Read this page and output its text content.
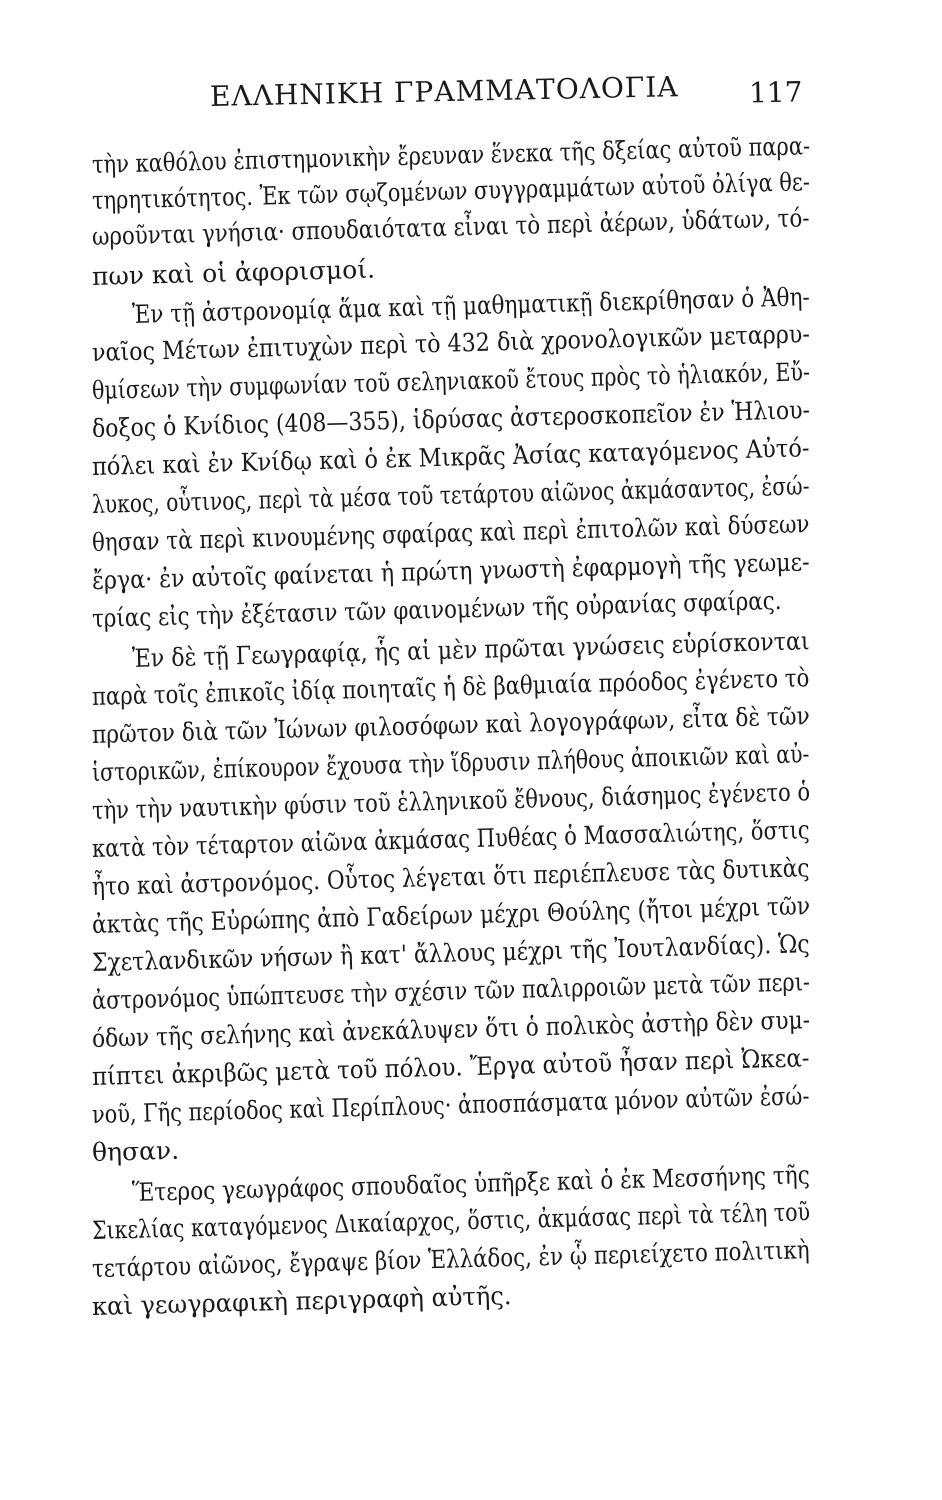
ΕΛΛΗΝΙΚΗ ΓΡΑΜΜΑΤΟΛΟΓΙΑ 117
τὴν καθόλου ἐπιστημονικὴν ἔρευναν ἕνεκα τῆς δξείας αὐτοῦ παρα-
τηρητικότητος. Ἐκ τῶν σῳζομένων συγγραμμάτων αὐτοῦ ὀλίγα θε-
ωροῦνται γνήσια· σπουδαιότατα εἶναι τὸ περὶ ἀέρων, ὑδάτων, τό-
πων καὶ οἱ ἀφορισμοί.
Ἐν τῇ ἀστρονομίᾳ ἅμα καὶ τῇ μαθηματικῇ διεκρίθησαν ὁ Ἀθη-
ναῖος Μέτων ἐπιτυχὼν περὶ τὸ 432 διὰ χρονολογικῶν μεταρρυ-
θμίσεων τὴν συμφωνίαν τοῦ σεληνιακοῦ ἔτους πρὸς τὸ ἡλιακόν, Εὔ-
δοξος ὁ Κνίδιος (408—355), ἱδρύσας ἀστεροσκοπεῖον ἐν Ἡλιου-
πόλει καὶ ἐν Κνίδῳ καὶ ὁ ἐκ Μικρᾶς Ἀσίας καταγόμενος Αὐτό-
λυκος, οὗτινος, περὶ τὰ μέσα τοῦ τετάρτου αἰῶνος ἀκμάσαντος, ἐσώ-
θησαν τὰ περὶ κινουμένης σφαίρας καὶ περὶ ἐπιτολῶν καὶ δύσεων
ἔργα· ἐν αὐτοῖς φαίνεται ἡ πρώτη γνωστὴ ἐφαρμογὴ τῆς γεωμε-
τρίας εἰς τὴν ἐξέτασιν τῶν φαινομένων τῆς οὐρανίας σφαίρας.
Ἐν δὲ τῇ Γεωγραφίᾳ, ἧς αἱ μὲν πρῶται γνώσεις εὑρίσκονται
παρὰ τοῖς ἐπικοῖς ἰδίᾳ ποιηταῖς ἡ δὲ βαθμιαία πρόοδος ἐγένετο τὸ
πρῶτον διὰ τῶν Ἰώνων φιλοσόφων καὶ λογογράφων, εἶτα δὲ τῶν
ἱστορικῶν, ἐπίκουρον ἔχουσα τὴν ἵδρυσιν πλήθους ἀποικιῶν καὶ αὐ-
τὴν τὴν ναυτικὴν φύσιν τοῦ ἑλληνικοῦ ἔθνους, διάσημος ἐγένετο ὁ
κατὰ τὸν τέταρτον αἰῶνα ἀκμάσας Πυθέας ὁ Μασσαλιώτης, ὅστις
ἦτο καὶ ἀστρονόμος. Οὗτος λέγεται ὅτι περιέπλευσε τὰς δυτικὰς
ἀκτὰς τῆς Εὐρώπης ἀπὸ Γαδείρων μέχρι Θούλης (ἤτοι μέχρι τῶν
Σχετλανδικῶν νήσων ἢ κατ' ἄλλους μέχρι τῆς Ἰουτλανδίας). Ὡς
ἀστρονόμος ὑπώπτευσε τὴν σχέσιν τῶν παλιρροιῶν μετὰ τῶν περι-
όδων τῆς σελήνης καὶ ἀνεκάλυψεν ὅτι ὁ πολικὸς ἀστὴρ δὲν συμ-
πίπτει ἀκριβῶς μετὰ τοῦ πόλου. Ἔργα αὐτοῦ ἦσαν περὶ Ὠκεα-
νοῦ, Γῆς περίοδος καὶ Περίπλους· ἀποσπάσματα μόνον αὐτῶν ἐσώ-
θησαν.
Ἕτερος γεωγράφος σπουδαῖος ὑπῆρξε καὶ ὁ ἐκ Μεσσήνης τῆς
Σικελίας καταγόμενος Δικαίαρχος, ὅστις, ἀκμάσας περὶ τὰ τέλη τοῦ
τετάρτου αἰῶνος, ἔγραψε βίον Ἑλλάδος, ἐν ᾧ περιείχετο πολιτικὴ
καὶ γεωγραφικὴ περιγραφὴ αὐτῆς.
